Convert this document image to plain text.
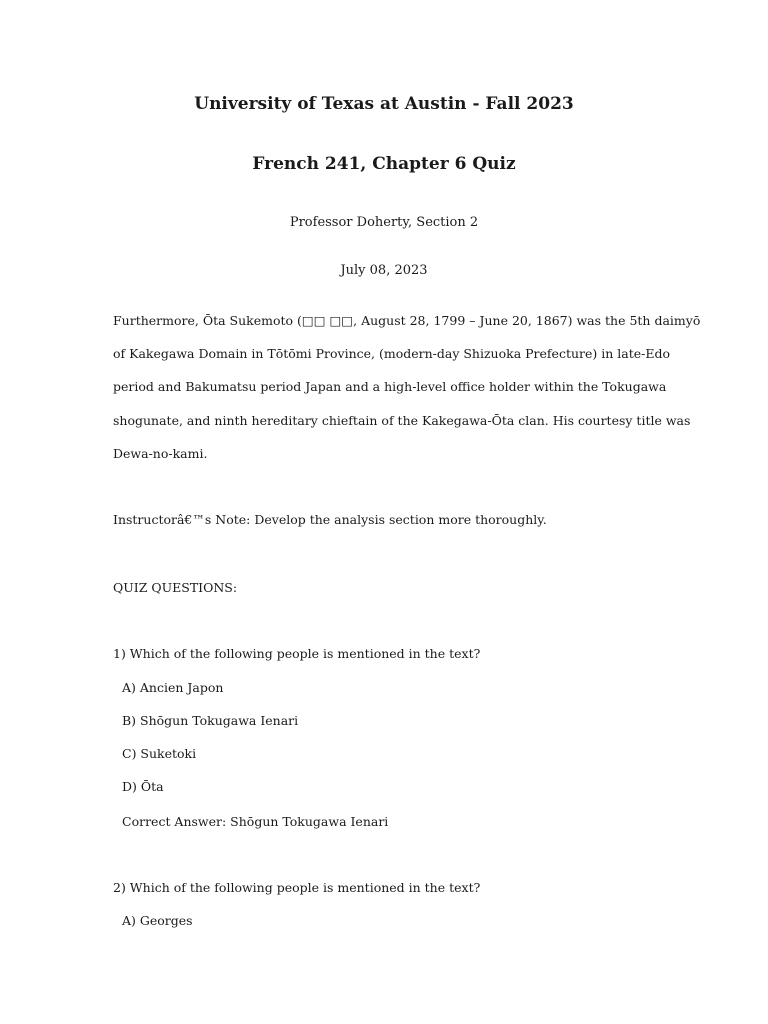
University of Texas at Austin - Fall 2023
French 241, Chapter 6 Quiz
Professor Doherty, Section 2
July 08, 2023
Furthermore, Ōta Sukemoto (□□ □□, August 28, 1799 – June 20, 1867) was the 5th daimyō
of Kakegawa Domain in Tōtōmi Province, (modern-day Shizuoka Prefecture) in late-Edo
period and Bakumatsu period Japan and a high-level office holder within the Tokugawa
shogunate, and ninth hereditary chieftain of the Kakegawa-Ōta clan. His courtesy title was
Dewa-no-kami.
Instructorâ€™s Note: Develop the analysis section more thoroughly.
QUIZ QUESTIONS:
1) Which of the following people is mentioned in the text?
A) Ancien Japon
B) Shōgun Tokugawa Ienari
C) Suketoki
D) Ōta
Correct Answer: Shōgun Tokugawa Ienari
2) Which of the following people is mentioned in the text?
A) Georges
